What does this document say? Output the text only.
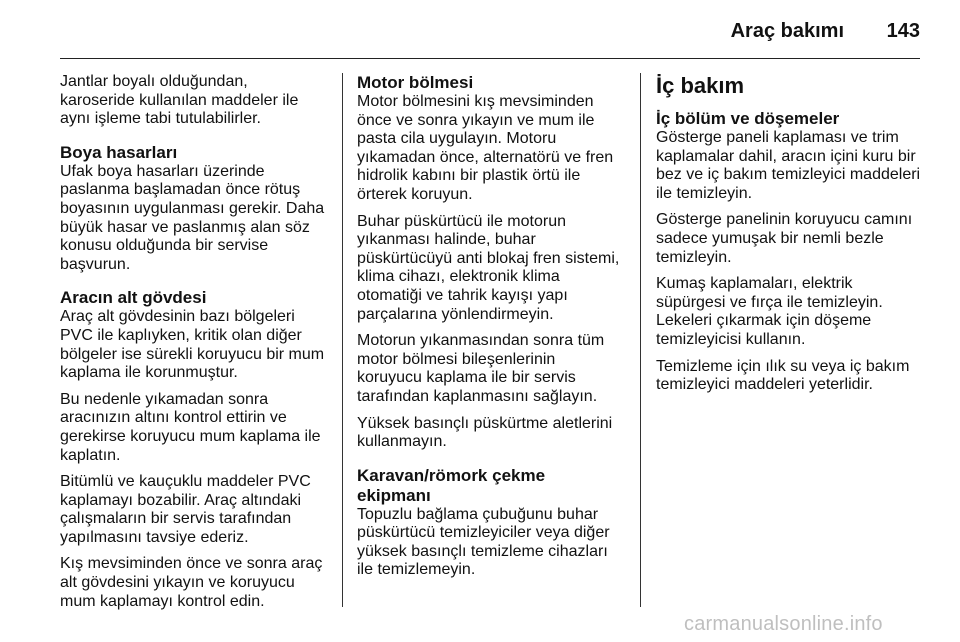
Araç bakımı 143

Jantlar boyalı olduğundan,
karoseride kullanılan maddeler ile
aynı işleme tabi tutulabilirler.

Boya hasarları

Ufak boya hasarları üzerinde
paslanma başlamadan önce rötuş
boyasının uygulanması gerekir. Daha
büyük hasar ve paslanmış alan söz
konusu olduğunda bir servise
başvurun.

Aracın alt gövdesi

Araç alt gövdesinin bazı bölgeleri
PVC ile kaplıyken, kritik olan diğer
bölgeler ise sürekli koruyucu bir mum
kaplama ile korunmuştur.

Bu nedenle yıkamadan sonra
aracınızın altını kontrol ettirin ve
gerekirse koruyucu mum kaplama ile
kaplatın.

Bitümlü ve kauçuklu maddeler PVC
kaplamayı bozabilir. Araç altındaki
çalışmaların bir servis tarafından
yapılmasını tavsiye ederiz.

Kış mevsiminden önce ve sonra araç
alt gövdesini yıkayın ve koruyucu
mum kaplamayı kontrol edin.

Motor bölmesi

Motor bölmesini kış mevsiminden
önce ve sonra yıkayın ve mum ile
pasta cila uygulayın. Motoru
yıkamadan önce, alternatörü ve fren
hidrolik kabını bir plastik örtü ile
örterek koruyun.

Buhar püskürtücü ile motorun
yıkanması halinde, buhar
püskürtücüyü anti blokaj fren sistemi,
klima cihazı, elektronik klima
otomatiği ve tahrik kayışı yapı
parçalarına yönlendirmeyin.

Motorun yıkanmasından sonra tüm
motor bölmesi bileşenlerinin
koruyucu kaplama ile bir servis
tarafından kaplanmasını sağlayın.

Yüksek basınçlı püskürtme aletlerini
kullanmayın.

Karavan/römork çekme
ekipmanı

Topuzlu bağlama çubuğunu buhar
püskürtücü temizleyiciler veya diğer
yüksek basınçlı temizleme cihazları
ile temizlemeyin.

İç bakım
İç bölüm ve döşemeler

Gösterge paneli kaplaması ve trim
kaplamalar dahil, aracın içini kuru bir
bez ve iç bakım temizleyici maddeleri
ile temizleyin.

Gösterge panelinin koruyucu camını
sadece yumuşak bir nemli bezle
temizleyin.

Kumaş kaplamaları, elektrik
süpürgesi ve fırça ile temizleyin.
Lekeleri çıkarmak için döşeme
temizleyicisi kullanın.

Temizleme için ılık su veya iç bakım
temizleyici maddeleri yeterlidir.

carmanualsonline.info
